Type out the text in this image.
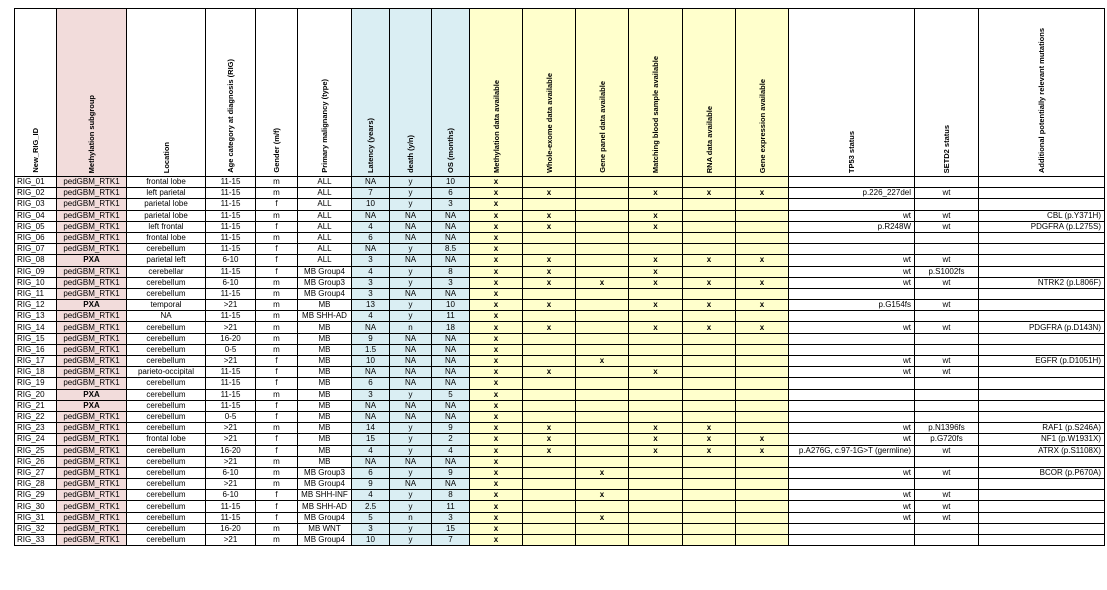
New_RIG_ID	Methylation subgroup	Location	Age category at diagnosis (RIG)	Gender (m/f)	Primary malignancy (type)	Latency (years)	death (y/n)	OS (months)	Methylation data available	Whole-exome data available	Gene panel data available	Matching blood sample available	RNA data available	Gene expression available	TP53 status	SETD2 status	Additional potentially relevant mutations

RIG_01	pedGBM_RTK1	frontal lobe	11-15	m	ALL	NA	y	10	x								
RIG_02	pedGBM_RTK1	left parietal	11-15	m	ALL	7	y	6	x	x		x	x	x	p.226_227del	wt	
RIG_03	pedGBM_RTK1	parietal lobe	11-15	f	ALL	10	y	3	x								
RIG_04	pedGBM_RTK1	parietal lobe	11-15	m	ALL	NA	NA	NA	x	x		x			wt	wt	CBL (p.Y371H)
RIG_05	pedGBM_RTK1	left frontal	11-15	f	ALL	4	NA	NA	x	x		x			p.R248W	wt	PDGFRA (p.L275S)
RIG_06	pedGBM_RTK1	frontal lobe	11-15	m	ALL	6	NA	NA	x								
RIG_07	pedGBM_RTK1	cerebellum	11-15	f	ALL	NA	y	8.5	x								
RIG_08	PXA	parietal left	6-10	f	ALL	3	NA	NA	x	x		x	x	x	wt	wt	
RIG_09	pedGBM_RTK1	cerebellar	11-15	f	MB Group4	4	y	8	x	x		x			wt	p.S1002fs	
RIG_10	pedGBM_RTK1	cerebellum	6-10	m	MB Group3	3	y	3	x	x	x	x	x	x	wt	wt	NTRK2 (p.L806F)
RIG_11	pedGBM_RTK1	cerebellum	11-15	m	MB Group4	3	NA	NA	x								
RIG_12	PXA	temporal	>21	m	MB	13	y	10	x	x		x	x	x	p.G154fs	wt	
RIG_13	pedGBM_RTK1	NA	11-15	m	MB SHH-AD	4	y	11	x								
RIG_14	pedGBM_RTK1	cerebellum	>21	m	MB	NA	n	18	x	x		x	x	x	wt	wt	PDGFRA (p.D143N)
RIG_15	pedGBM_RTK1	cerebellum	16-20	m	MB	9	NA	NA	x								
RIG_16	pedGBM_RTK1	cerebellum	0-5	m	MB	1.5	NA	NA	x								
RIG_17	pedGBM_RTK1	cerebellum	>21	f	MB	10	NA	NA	x		x				wt	wt	EGFR (p.D1051H)
RIG_18	pedGBM_RTK1	parieto-occipital	11-15	f	MB	NA	NA	NA	x	x		x			wt	wt	
RIG_19	pedGBM_RTK1	cerebellum	11-15	f	MB	6	NA	NA	x								
RIG_20	PXA	cerebellum	11-15	m	MB	3	y	5	x								
RIG_21	PXA	cerebellum	11-15	f	MB	NA	NA	NA	x								
RIG_22	pedGBM_RTK1	cerebellum	0-5	f	MB	NA	NA	NA	x								
RIG_23	pedGBM_RTK1	cerebellum	>21	m	MB	14	y	9	x	x		x	x		wt	p.N1396fs	RAF1 (p.S246A)
RIG_24	pedGBM_RTK1	frontal lobe	>21	f	MB	15	y	2	x	x		x	x	x	wt	p.G720fs	NF1 (p.W1931X)
RIG_25	pedGBM_RTK1	cerebellum	16-20	f	MB	4	y	4	x	x		x	x	x	p.A276G, c.97-1G>T (germline)	wt	ATRX (p.S1108X)
RIG_26	pedGBM_RTK1	cerebellum	>21	m	MB	NA	NA	NA	x								
RIG_27	pedGBM_RTK1	cerebellum	6-10	m	MB Group3	6	y	9	x		x				wt	wt	BCOR (p.P670A)
RIG_28	pedGBM_RTK1	cerebellum	>21	m	MB Group4	9	NA	NA	x								
RIG_29	pedGBM_RTK1	cerebellum	6-10	f	MB SHH-INF	4	y	8	x		x				wt	wt	
RIG_30	pedGBM_RTK1	cerebellum	11-15	f	MB SHH-AD	2.5	y	11	x						wt	wt	
RIG_31	pedGBM_RTK1	cerebellum	11-15	f	MB Group4	5	n	3	x		x				wt	wt	
RIG_32	pedGBM_RTK1	cerebellum	16-20	m	MB WNT	3	y	15	x								
RIG_33	pedGBM_RTK1	cerebellum	>21	m	MB Group4	10	y	7	x								
